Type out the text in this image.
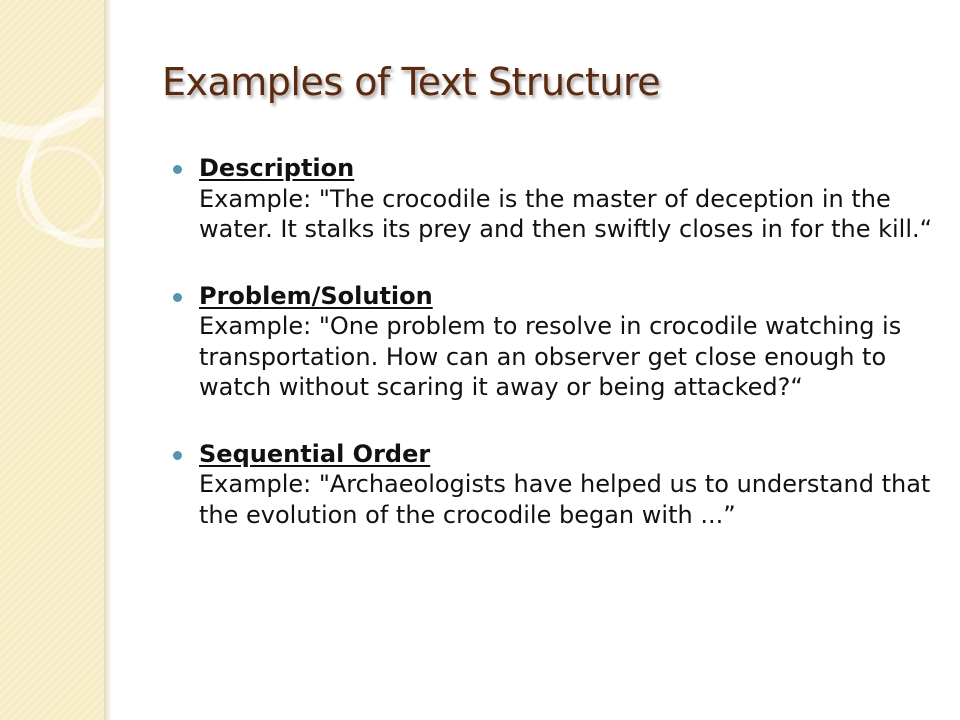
Examples of Text Structure
Description
Example: "The crocodile is the master of deception in the water. It stalks its prey and then swiftly closes in for the kill.“
Problem/Solution
Example: "One problem to resolve in crocodile watching is transportation. How can an observer get close enough to watch without scaring it away or being attacked?“
Sequential Order
Example: "Archaeologists have helped us to understand that the evolution of the crocodile began with ...”
